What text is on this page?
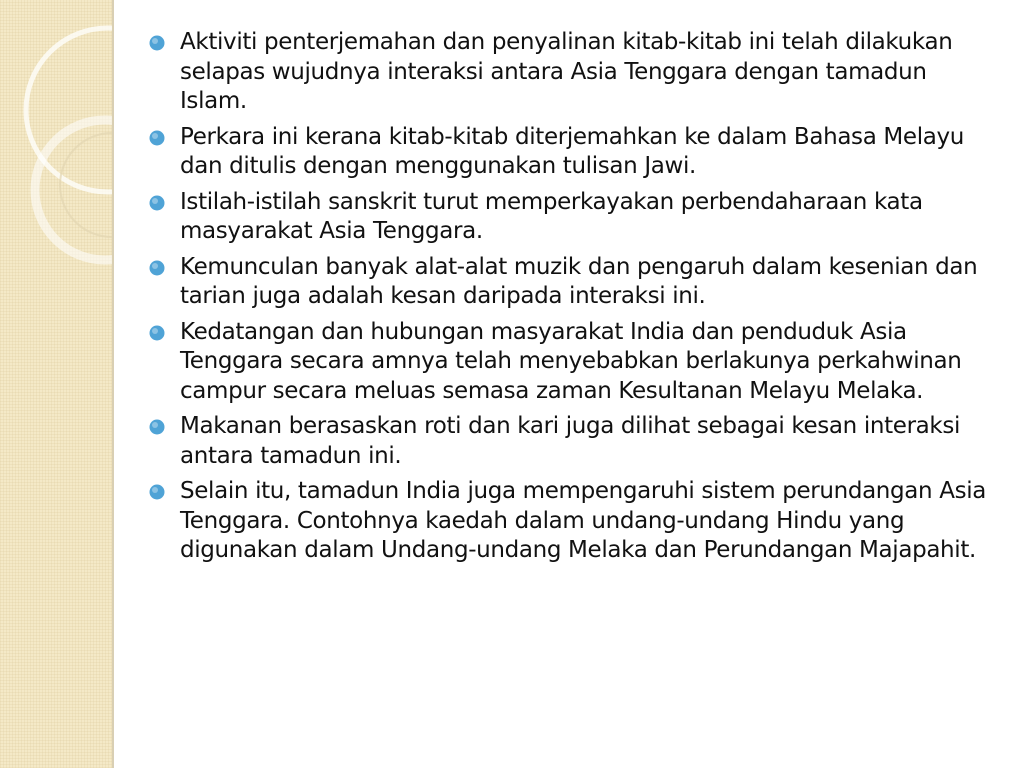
Aktiviti penterjemahan dan penyalinan kitab-kitab ini telah dilakukan selapas wujudnya interaksi antara Asia Tenggara dengan tamadun Islam.
Perkara ini kerana kitab-kitab diterjemahkan ke dalam Bahasa Melayu dan ditulis dengan menggunakan tulisan Jawi.
Istilah-istilah sanskrit turut memperkayakan perbendaharaan kata masyarakat Asia Tenggara.
Kemunculan banyak alat-alat muzik dan pengaruh dalam kesenian dan tarian juga adalah kesan daripada interaksi ini.
Kedatangan dan hubungan masyarakat India dan penduduk Asia Tenggara secara amnya telah menyebabkan berlakunya perkahwinan campur secara meluas semasa zaman Kesultanan Melayu Melaka.
Makanan berasaskan roti dan kari juga dilihat sebagai kesan interaksi antara tamadun ini.
Selain itu, tamadun India juga mempengaruhi sistem perundangan Asia Tenggara. Contohnya kaedah dalam undang-undang Hindu yang digunakan dalam Undang-undang Melaka dan Perundangan Majapahit.
